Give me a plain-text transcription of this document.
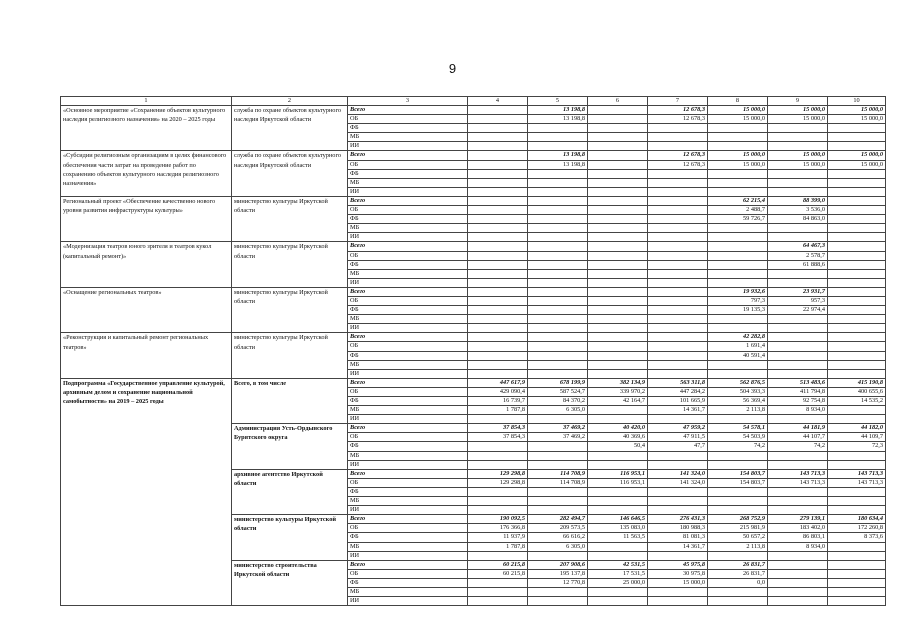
9
1	2	3	4	5	6	7	8	9	10
«Основное мероприятие «Сохранение объектов культурного наследия религиозного назначения» на 2020 – 2025 годы	служба по охране объектов культурного наследия Иркутской области	Всего		13 198,8		12 678,3	15 000,0	15 000,0	15 000,0
		ОБ		13 198,8		12 678,3	15 000,0	15 000,0	15 000,0
		ФБ							
		МБ							
		ИИ							
«Субсидии религиозным организациям в целях финансового обеспечения части затрат на проведение работ по сохранению объектов культурного наследия религиозного назначения»	служба по охране объектов культурного наследия Иркутской области	Всего		13 198,8		12 678,3	15 000,0	15 000,0	15 000,0
		ОБ		13 198,8		12 678,3	15 000,0	15 000,0	15 000,0
		ФБ							
		МБ							
		ИИ							
Региональный проект «Обеспечение качественно нового уровня развития инфраструктуры культуры»	министерство культуры Иркутской области	Всего					62 215,4	88 399,0	
		ОБ					2 488,7	3 536,0	
		ФБ					59 726,7	84 863,0	
		МБ							
		ИИ							
«Модернизация театров юного зрителя и театров кукол (капитальный ремонт)»	министерство культуры Иркутской области	Всего						64 467,3	
		ОБ						2 578,7	
		ФБ						61 888,6	
		МБ							
		ИИ							
«Оснащение региональных театров»	министерство культуры Иркутской области	Всего					19 932,6	23 931,7	
		ОБ					797,3	957,3	
		ФБ					19 135,3	22 974,4	
		МБ							
		ИИ							
«Реконструкция и капитальный ремонт региональных театров»	министерство культуры Иркутской области	Всего					42 282,8		
		ОБ					1 691,4		
		ФБ					40 591,4		
		МБ							
		ИИ							
Подпрограмма «Государственное управление культурой, архивным делом и сохранение национальной самобытности» на 2019 – 2025 годы	Всего, в том числе	Всего	447 617,9	678 199,9	382 134,9	563 311,8	562 876,5	513 483,6	415 190,8
		ОБ	429 090,4	587 524,7	339 970,2	447 284,2	504 393,3	411 794,8	400 655,6
		ФБ	16 739,7	84 370,2	42 164,7	101 665,9	56 369,4	92 754,8	14 535,2
		МБ	1 787,8	6 305,0		14 361,7	2 113,8	8 934,0	
		ИИ							
	Администрация Усть-Ордынского Бурятского округа	Всего	37 854,3	37 469,2	40 420,0	47 959,2	54 578,1	44 181,9	44 182,0
		ОБ	37 854,3	37 469,2	40 369,6	47 911,5	54 503,9	44 107,7	44 109,7
		ФБ			50,4	47,7	74,2	74,2	72,3
		МБ							
		ИИ							
	архивное агентство Иркутской области	Всего	129 298,8	114 708,9	116 953,1	141 324,0	154 803,7	143 713,3	143 713,3
		ОБ	129 298,8	114 708,9	116 953,1	141 324,0	154 803,7	143 713,3	143 713,3
		ФБ							
		МБ							
		ИИ							
	министерство культуры Иркутской области	Всего	190 092,5	282 494,7	146 646,5	276 431,3	268 752,9	279 139,1	180 634,4
		ОБ	176 366,8	209 573,5	135 083,0	180 988,3	215 981,9	183 402,0	172 260,8
		ФБ	11 937,9	66 616,2	11 563,5	81 081,3	50 657,2	86 803,1	8 373,6
		МБ	1 787,8	6 305,0		14 361,7	2 113,8	8 934,0	
		ИИ							
	министерство строительства Иркутской области	Всего	60 215,8	207 908,6	42 531,5	45 975,8	26 831,7		
		ОБ	60 215,8	195 137,8	17 531,5	30 975,8	26 831,7		
		ФБ		12 770,8	25 000,0	15 000,0	0,0		
		МБ							
		ИИ							
